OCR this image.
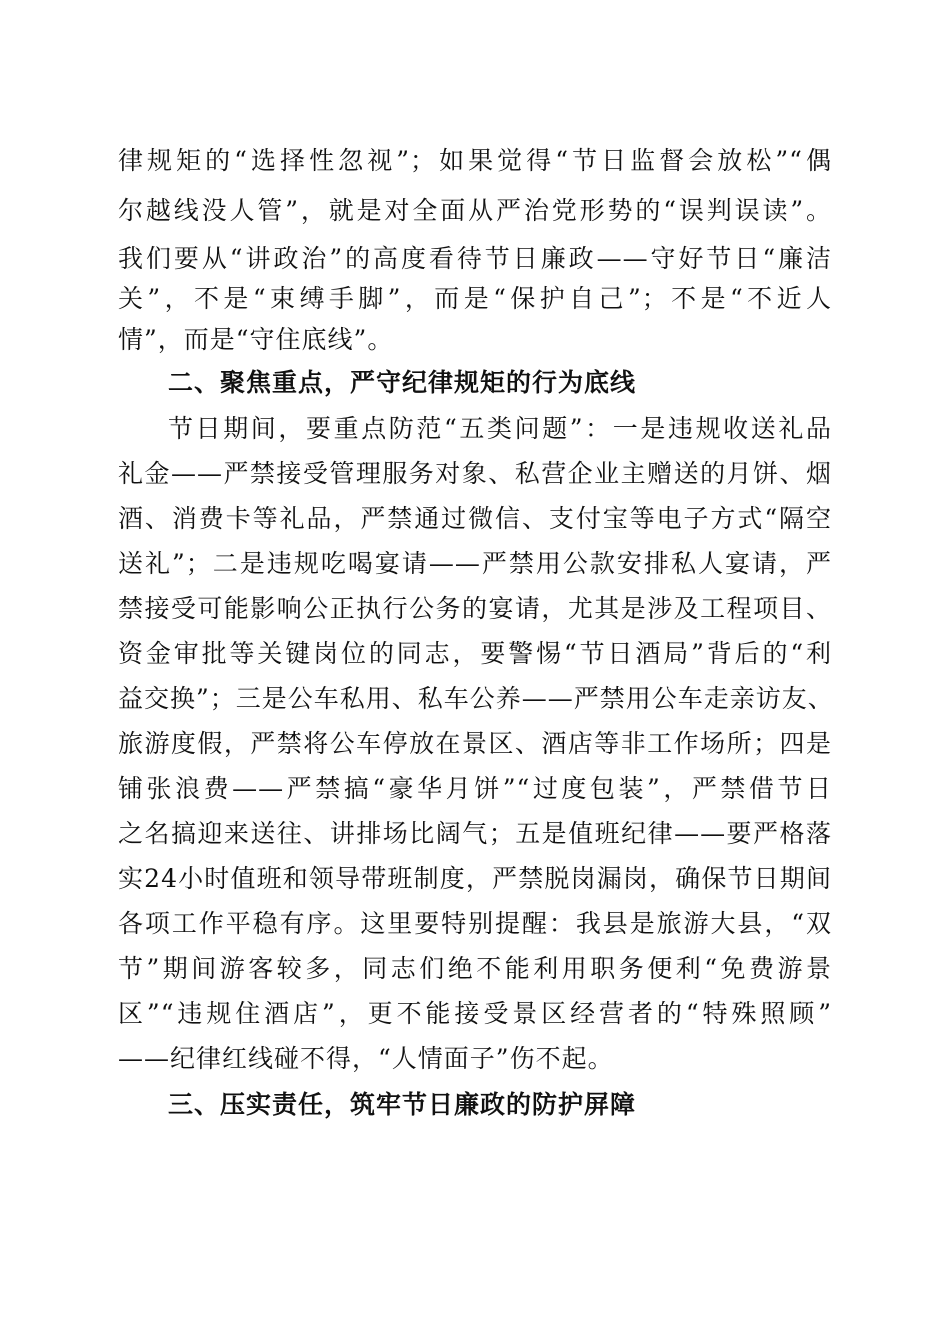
律规矩的“选择性忽视”；如果觉得“节日监督会放松”“偶
尔越线没人管”，就是对全面从严治党形势的“误判误读”。
我们要从“讲政治”的高度看待节日廉政——守好节日“廉洁
关”，不是“束缚手脚”，而是“保护自己”；不是“不近人
情”，而是“守住底线”。
二、聚焦重点，严守纪律规矩的行为底线
节日期间，要重点防范“五类问题”：一是违规收送礼品
礼金——严禁接受管理服务对象、私营企业主赠送的月饼、烟
酒、消费卡等礼品，严禁通过微信、支付宝等电子方式“隔空
送礼”；二是违规吃喝宴请——严禁用公款安排私人宴请，严
禁接受可能影响公正执行公务的宴请，尤其是涉及工程项目、
资金审批等关键岗位的同志，要警惕“节日酒局”背后的“利
益交换”；三是公车私用、私车公养——严禁用公车走亲访友、
旅游度假，严禁将公车停放在景区、酒店等非工作场所；四是
铺张浪费——严禁搞“豪华月饼”“过度包装”，严禁借节日
之名搞迎来送往、讲排场比阔气；五是值班纪律——要严格落
实24小时值班和领导带班制度，严禁脱岗漏岗，确保节日期间
各项工作平稳有序。这里要特别提醒：我县是旅游大县，“双
节”期间游客较多，同志们绝不能利用职务便利“免费游景
区”“违规住酒店”，更不能接受景区经营者的“特殊照顾”
——纪律红线碰不得，“人情面子”伤不起。
三、压实责任，筑牢节日廉政的防护屏障
